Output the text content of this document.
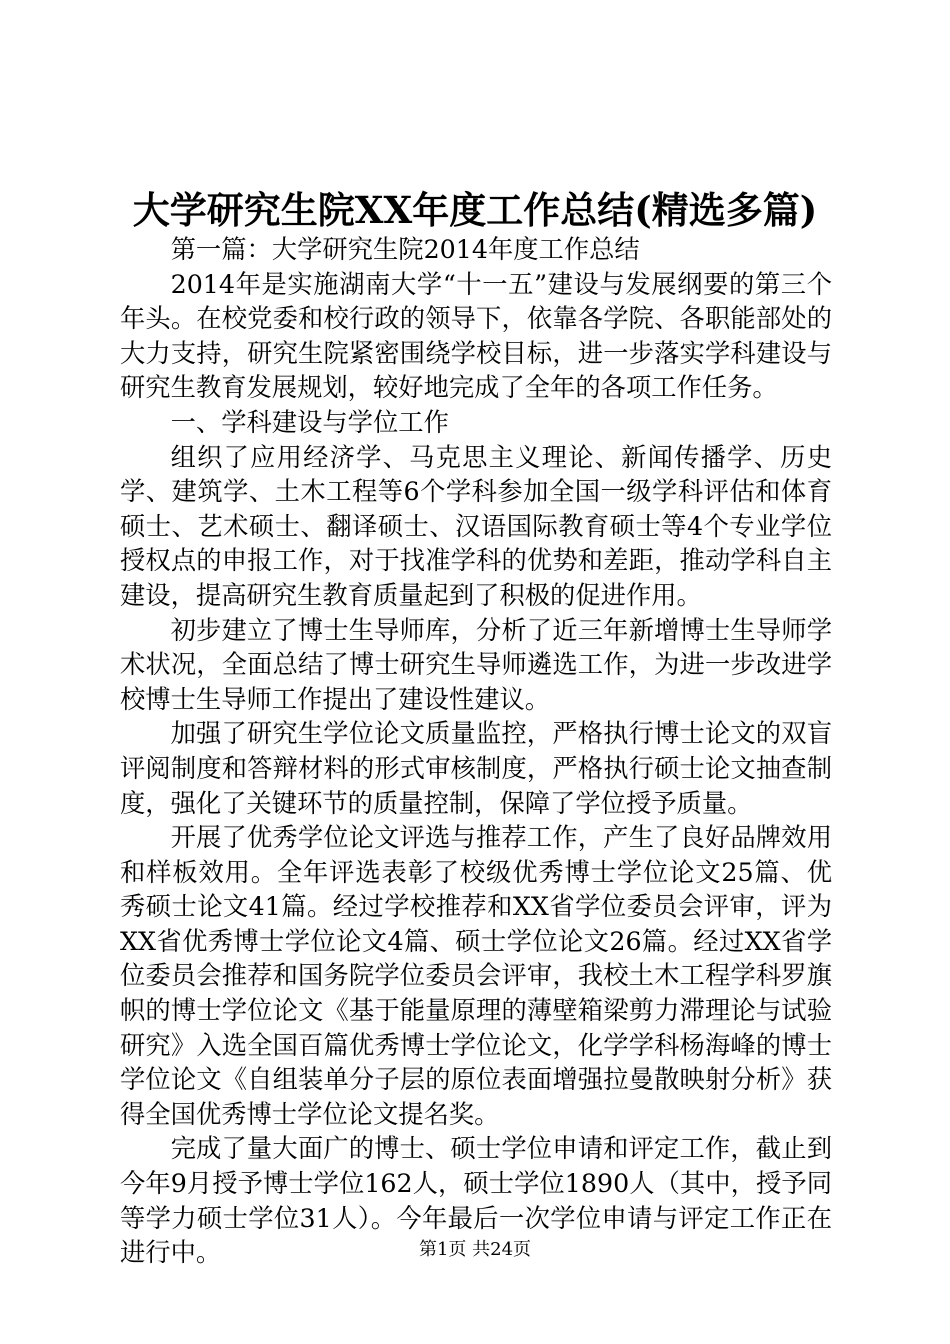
大学研究生院XX年度工作总结(精选多篇)

第一篇：大学研究生院2014年度工作总结

2014年是实施湖南大学“十一五”建设与发展纲要的第三个年头。在校党委和校行政的领导下，依靠各学院、各职能部处的大力支持，研究生院紧密围绕学校目标，进一步落实学科建设与研究生教育发展规划，较好地完成了全年的各项工作任务。

一、学科建设与学位工作

组织了应用经济学、马克思主义理论、新闻传播学、历史学、建筑学、土木工程等6个学科参加全国一级学科评估和体育硕士、艺术硕士、翻译硕士、汉语国际教育硕士等4个专业学位授权点的申报工作，对于找准学科的优势和差距，推动学科自主建设，提高研究生教育质量起到了积极的促进作用。

初步建立了博士生导师库，分析了近三年新增博士生导师学术状况，全面总结了博士研究生导师遴选工作，为进一步改进学校博士生导师工作提出了建设性建议。

加强了研究生学位论文质量监控，严格执行博士论文的双盲评阅制度和答辩材料的形式审核制度，严格执行硕士论文抽查制度，强化了关键环节的质量控制，保障了学位授予质量。

开展了优秀学位论文评选与推荐工作，产生了良好品牌效用和样板效用。全年评选表彰了校级优秀博士学位论文25篇、优秀硕士论文41篇。经过学校推荐和XX省学位委员会评审，评为XX省优秀博士学位论文4篇、硕士学位论文26篇。经过XX省学位委员会推荐和国务院学位委员会评审，我校土木工程学科罗旗帜的博士学位论文《基于能量原理的薄壁箱梁剪力滞理论与试验研究》入选全国百篇优秀博士学位论文，化学学科杨海峰的博士学位论文《自组装单分子层的原位表面增强拉曼散映射分析》获得全国优秀博士学位论文提名奖。

完成了量大面广的博士、硕士学位申请和评定工作，截止到今年9月授予博士学位162人，硕士学位1890人（其中，授予同等学力硕士学位31人）。今年最后一次学位申请与评定工作正在进行中。	第1页 共24页
